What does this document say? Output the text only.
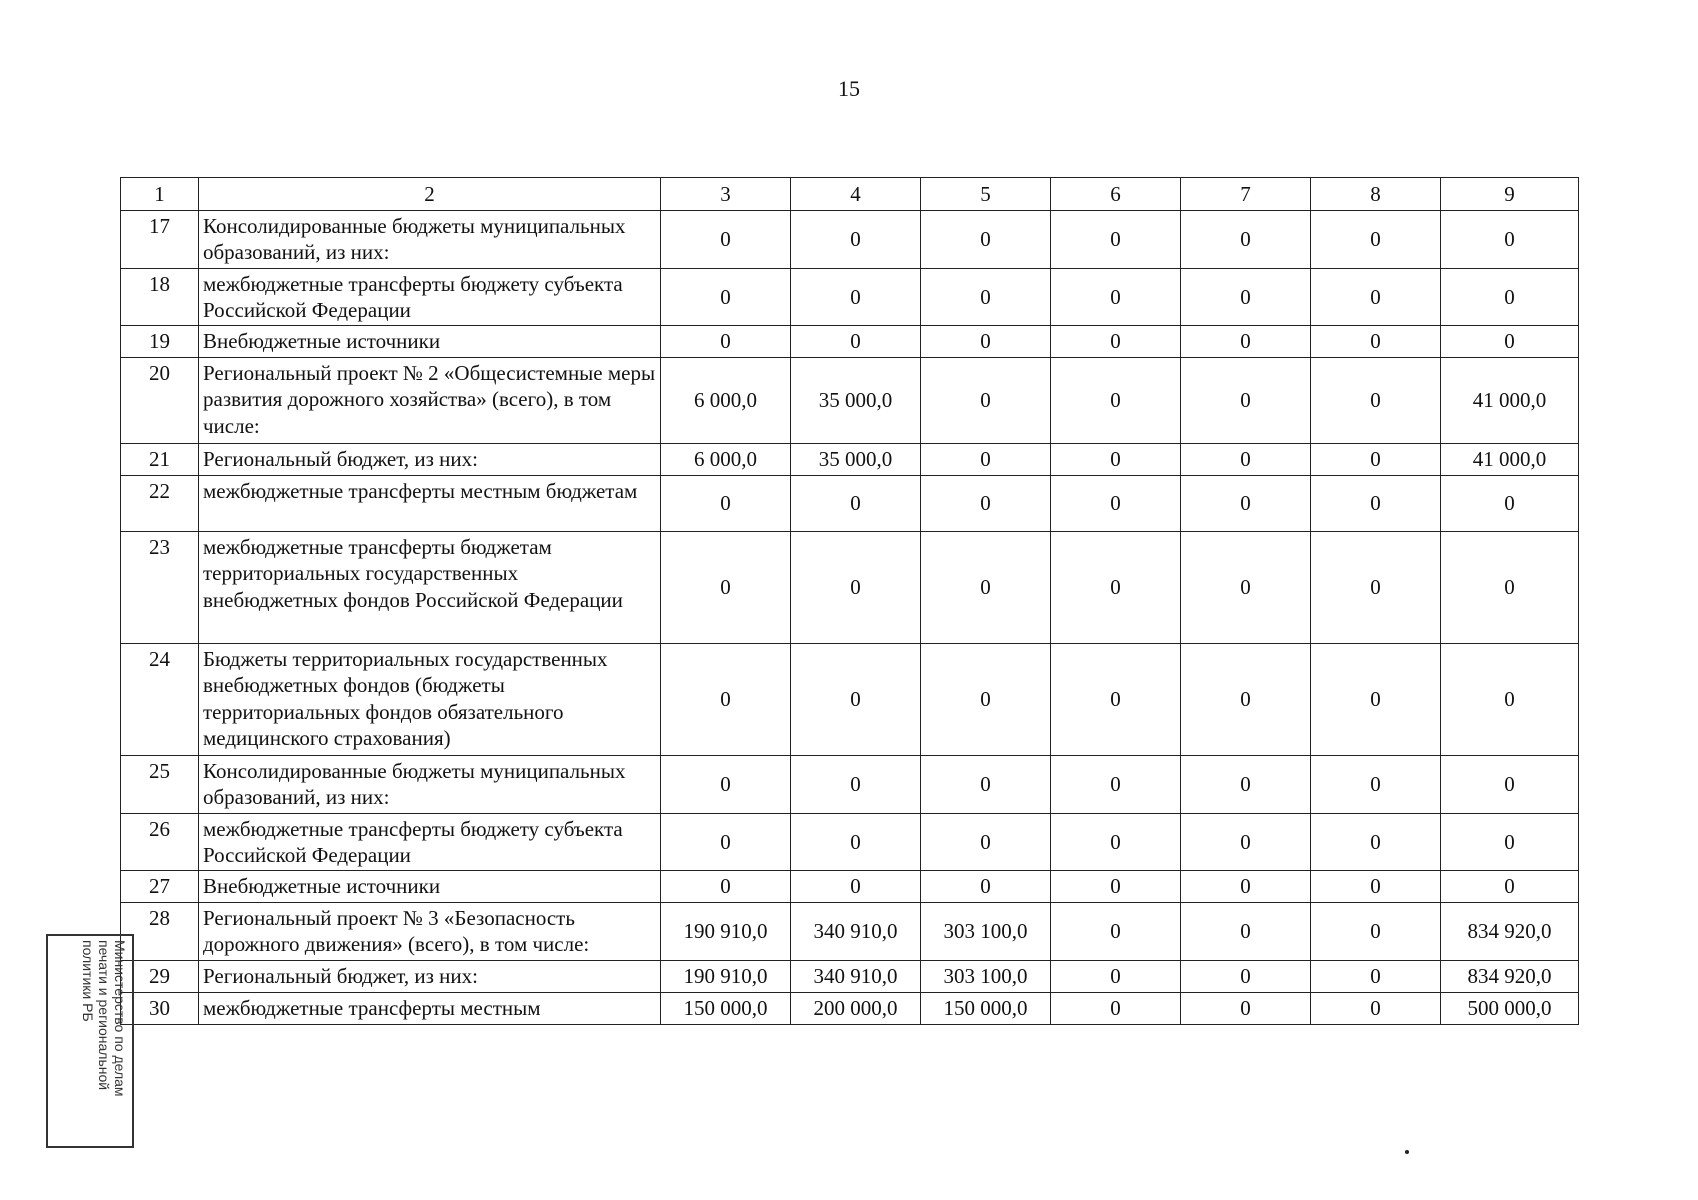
15
1	2	3	4	5	6	7	8	9
17	Консолидированные бюджеты муниципальных образований, из них:	0	0	0	0	0	0	0
18	межбюджетные трансферты бюджету субъекта Российской Федерации	0	0	0	0	0	0	0
19	Внебюджетные источники	0	0	0	0	0	0	0
20	Региональный проект № 2 «Общесистемные меры развития дорожного хозяйства» (всего), в том числе:	6 000,0	35 000,0	0	0	0	0	41 000,0
21	Региональный бюджет, из них:	6 000,0	35 000,0	0	0	0	0	41 000,0
22	межбюджетные трансферты местным бюджетам	0	0	0	0	0	0	0
23	межбюджетные трансферты бюджетам территориальных государственных внебюджетных фондов Российской Федерации	0	0	0	0	0	0	0
24	Бюджеты территориальных государственных внебюджетных фондов (бюджеты территориальных фондов обязательного медицинского страхования)	0	0	0	0	0	0	0
25	Консолидированные бюджеты муниципальных образований, из них:	0	0	0	0	0	0	0
26	межбюджетные трансферты бюджету субъекта Российской Федерации	0	0	0	0	0	0	0
27	Внебюджетные источники	0	0	0	0	0	0	0
28	Региональный проект № 3 «Безопасность дорожного движения» (всего), в том числе:	190 910,0	340 910,0	303 100,0	0	0	0	834 920,0
29	Региональный бюджет, из них:	190 910,0	340 910,0	303 100,0	0	0	0	834 920,0
30	межбюджетные трансферты местным	150 000,0	200 000,0	150 000,0	0	0	0	500 000,0
Министерство по делам
печати и региональной
политики РБ
